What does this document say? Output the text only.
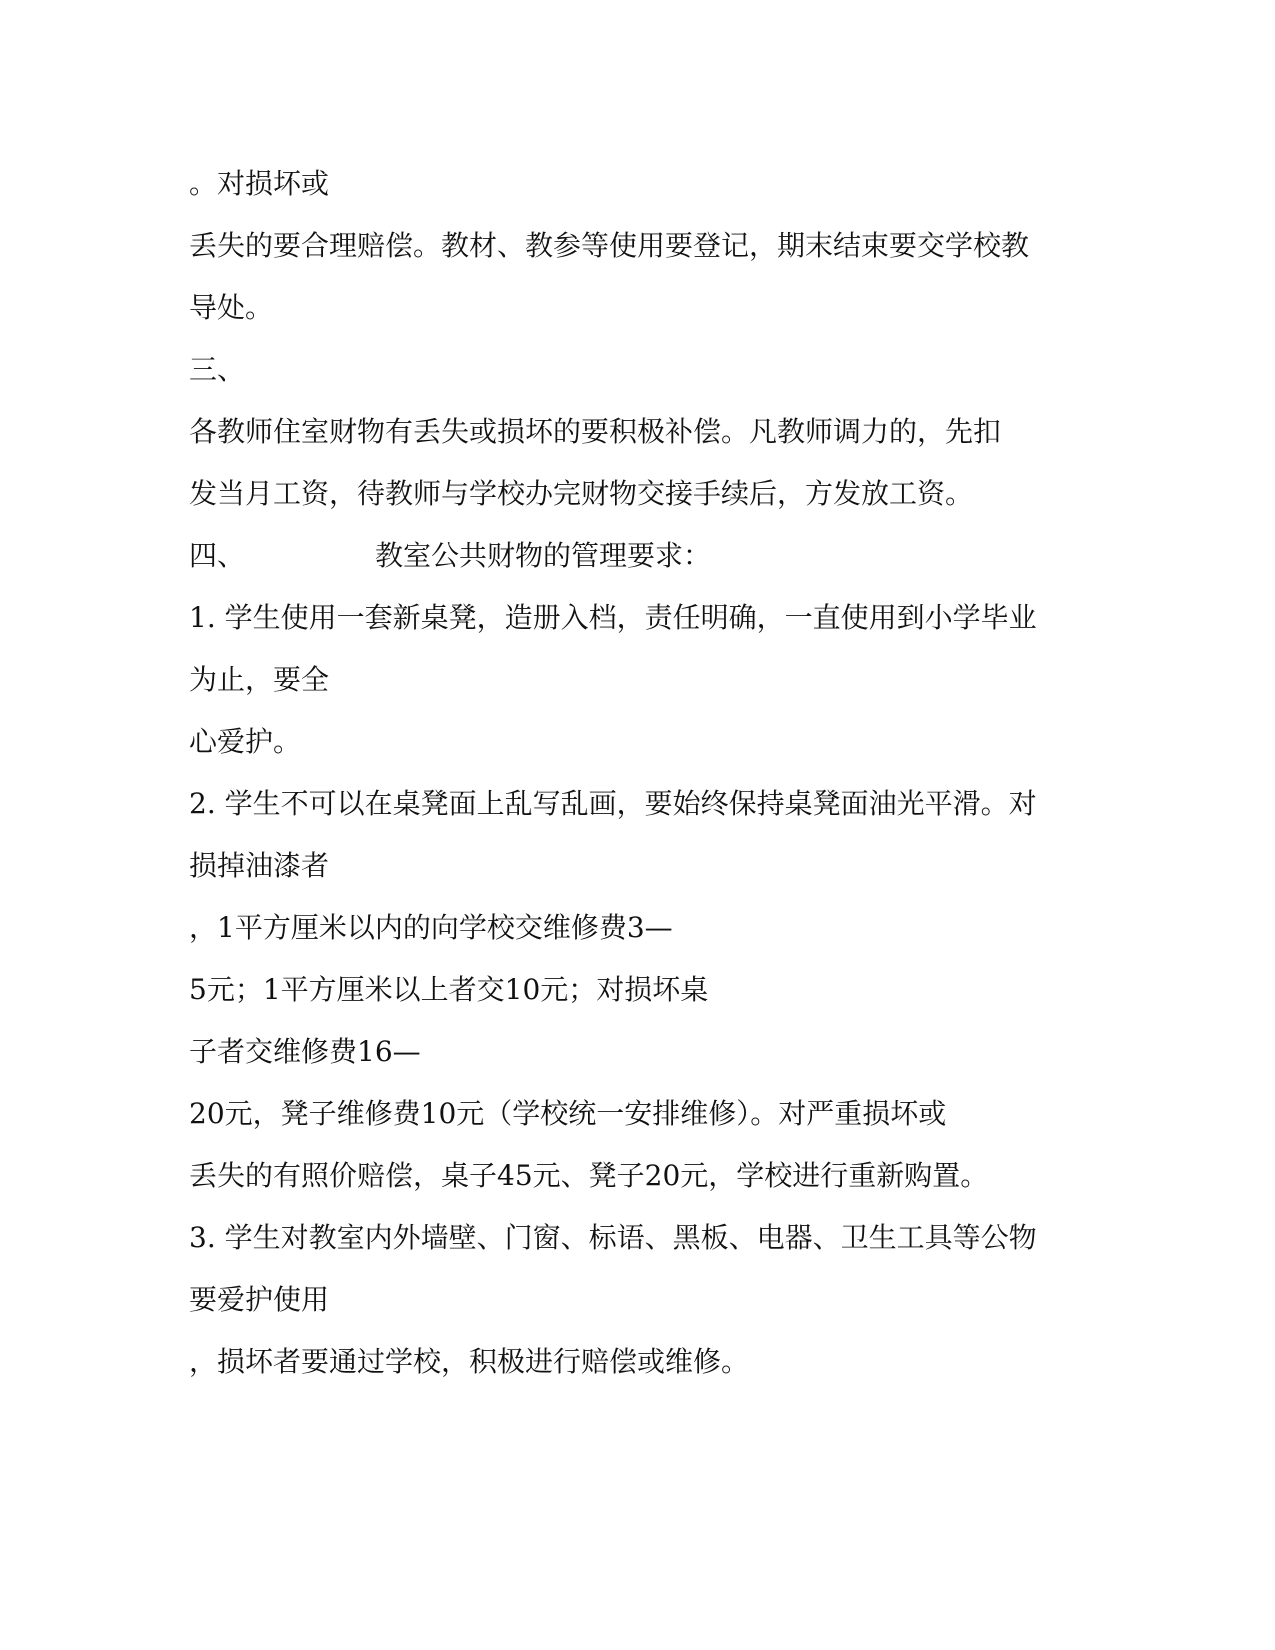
。对损坏或

丢失的要合理赔偿。教材、教参等使用要登记，期末结束要交学校教

导处。

三、

各教师住室财物有丢失或损坏的要积极补偿。凡教师调力的，先扣

发当月工资，待教师与学校办完财物交接手续后，方发放工资。

四、	教室公共财物的管理要求：

1. 学生使用一套新桌凳，造册入档，责任明确，一直使用到小学毕业

为止，要全

心爱护。

2. 学生不可以在桌凳面上乱写乱画，要始终保持桌凳面油光平滑。对

损掉油漆者

，1平方厘米以内的向学校交维修费3—

5元；1平方厘米以上者交10元；对损坏桌

子者交维修费16—

20元，凳子维修费10元（学校统一安排维修）。对严重损坏或

丢失的有照价赔偿，桌子45元、凳子20元，学校进行重新购置。

3. 学生对教室内外墙壁、门窗、标语、黑板、电器、卫生工具等公物

要爱护使用

，损坏者要通过学校，积极进行赔偿或维修。
